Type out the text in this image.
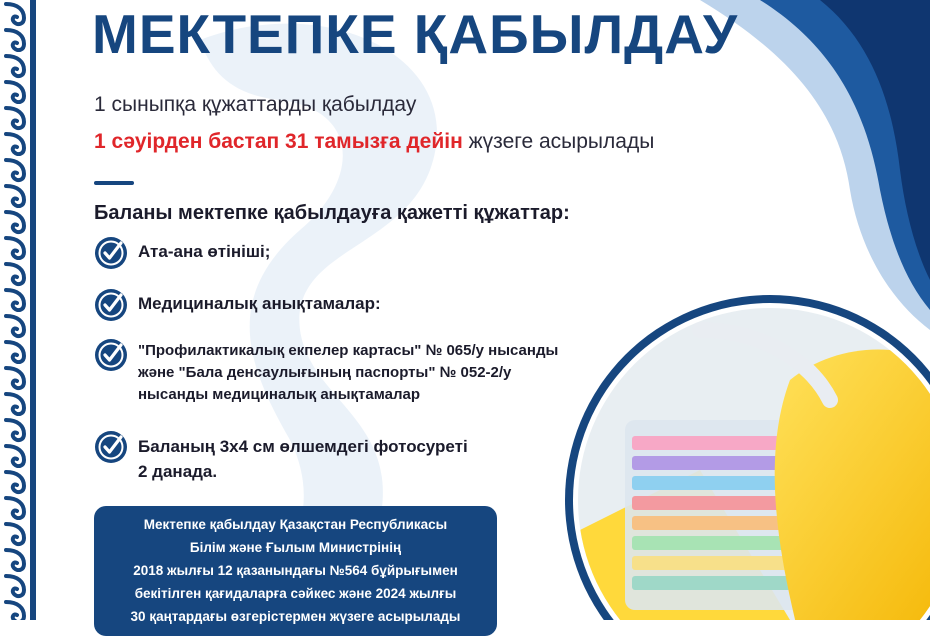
МЕКТЕПКЕ ҚАБЫЛДАУ
1 сыныпқа құжаттарды қабылдау
1 сәуірден бастап 31 тамызға дейін жүзеге асырылады
Баланы мектепке қабылдауға қажетті құжаттар:
Ата-ана өтініші;
Медициналық анықтамалар:
"Профилактикалық екпелер картасы" № 065/у нысанды
және "Бала денсаулығының паспорты" № 052-2/у
нысанды медициналық анықтамалар
Баланың 3х4 см өлшемдегі фотосуреті
2 данада.
Мектепке қабылдау Қазақстан Республикасы
Білім және Ғылым Министрінің
2018 жылғы 12 қазанындағы №564 бұйрығымен
бекітілген қағидаларға сәйкес және 2024 жылғы
30 қаңтардағы өзгерістермен жүзеге асырылады
